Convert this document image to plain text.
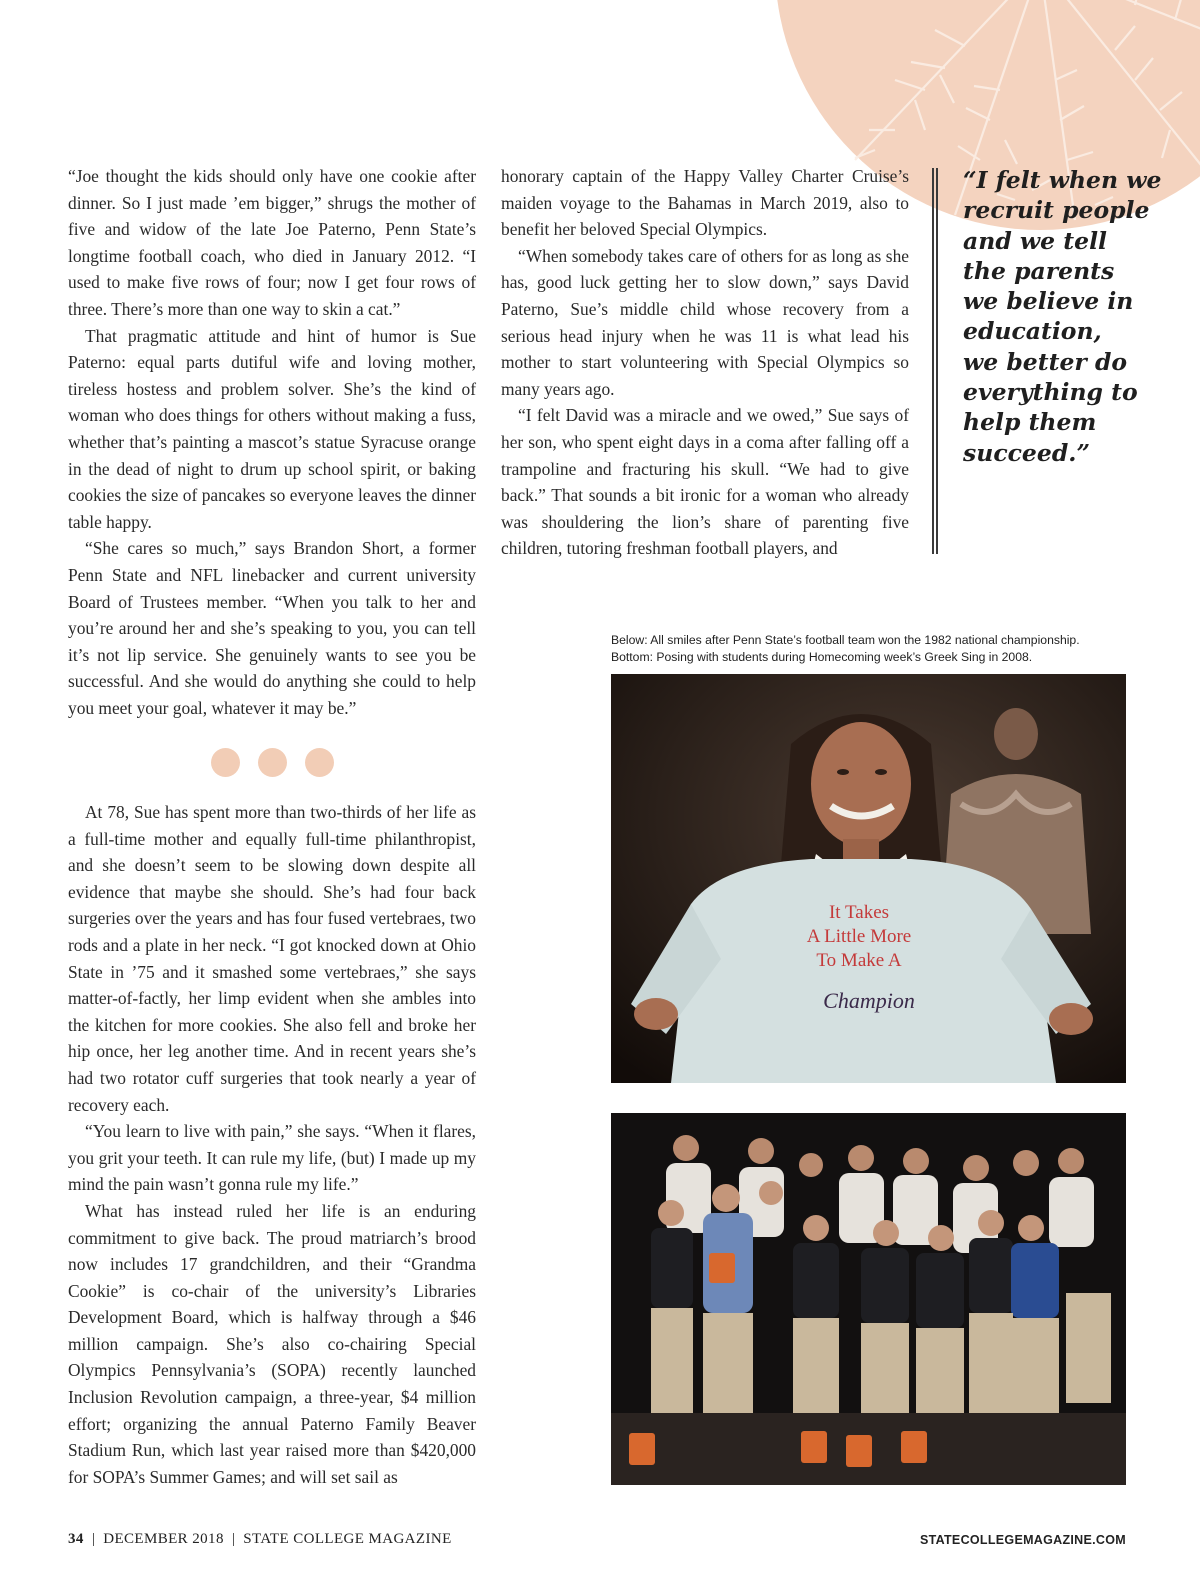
“Joe thought the kids should only have one cookie after dinner. So I just made ’em bigger,” shrugs the mother of five and widow of the late Joe Paterno, Penn State’s longtime football coach, who died in January 2012. “I used to make five rows of four; now I get four rows of three. There’s more than one way to skin a cat.”

That pragmatic attitude and hint of humor is Sue Paterno: equal parts dutiful wife and loving mother, tireless hostess and problem solver. She’s the kind of woman who does things for others without making a fuss, whether that’s painting a mascot’s statue Syracuse orange in the dead of night to drum up school spirit, or baking cookies the size of pancakes so everyone leaves the dinner table happy.

“She cares so much,” says Brandon Short, a former Penn State and NFL linebacker and current university Board of Trustees member. “When you talk to her and you’re around her and she’s speaking to you, you can tell it’s not lip service. She genuinely wants to see you be successful. And she would do anything she could to help you meet your goal, whatever it may be.”

At 78, Sue has spent more than two-thirds of her life as a full-time mother and equally full-time philanthropist, and she doesn’t seem to be slowing down despite all evidence that maybe she should. She’s had four back surgeries over the years and has four fused vertebraes, two rods and a plate in her neck. “I got knocked down at Ohio State in ’75 and it smashed some vertebraes,” she says matter-of-factly, her limp evident when she ambles into the kitchen for more cookies. She also fell and broke her hip once, her leg another time. And in recent years she’s had two rotator cuff surgeries that took nearly a year of recovery each.

“You learn to live with pain,” she says. “When it flares, you grit your teeth. It can rule my life, (but) I made up my mind the pain wasn’t gonna rule my life.”

What has instead ruled her life is an enduring commitment to give back. The proud matriarch’s brood now includes 17 grandchildren, and their “Grandma Cookie” is co-chair of the university’s Libraries Development Board, which is halfway through a $46 million campaign. She’s also co-chairing Special Olympics Pennsylvania’s (SOPA) recently launched Inclusion Revolution campaign, a three-year, $4 million effort; organizing the annual Paterno Family Beaver Stadium Run, which last year raised more than $420,000 for SOPA’s Summer Games; and will set sail as

honorary captain of the Happy Valley Charter Cruise’s maiden voyage to the Bahamas in March 2019, also to benefit her beloved Special Olympics.

“When somebody takes care of others for as long as she has, good luck getting her to slow down,” says David Paterno, Sue’s middle child whose recovery from a serious head injury when he was 11 is what lead his mother to start volunteering with Special Olympics so many years ago.

“I felt David was a miracle and we owed,” Sue says of her son, who spent eight days in a coma after falling off a trampoline and fracturing his skull. “We had to give back.” That sounds a bit ironic for a woman who already was shouldering the lion’s share of parenting five children, tutoring freshman football players, and

“I felt when we
recruit people
and we tell
the parents
we believe in
education,
we better do
everything to
help them
succeed.”
Below: All smiles after Penn State’s football team won the 1982 national championship.
Bottom: Posing with students during Homecoming week’s Greek Sing in 2008.
It Takes
A Little More
To Make A
Champion
34 | DECEMBER 2018 | STATE COLLEGE MAGAZINE	STATECOLLEGEMAGAZINE.COM
